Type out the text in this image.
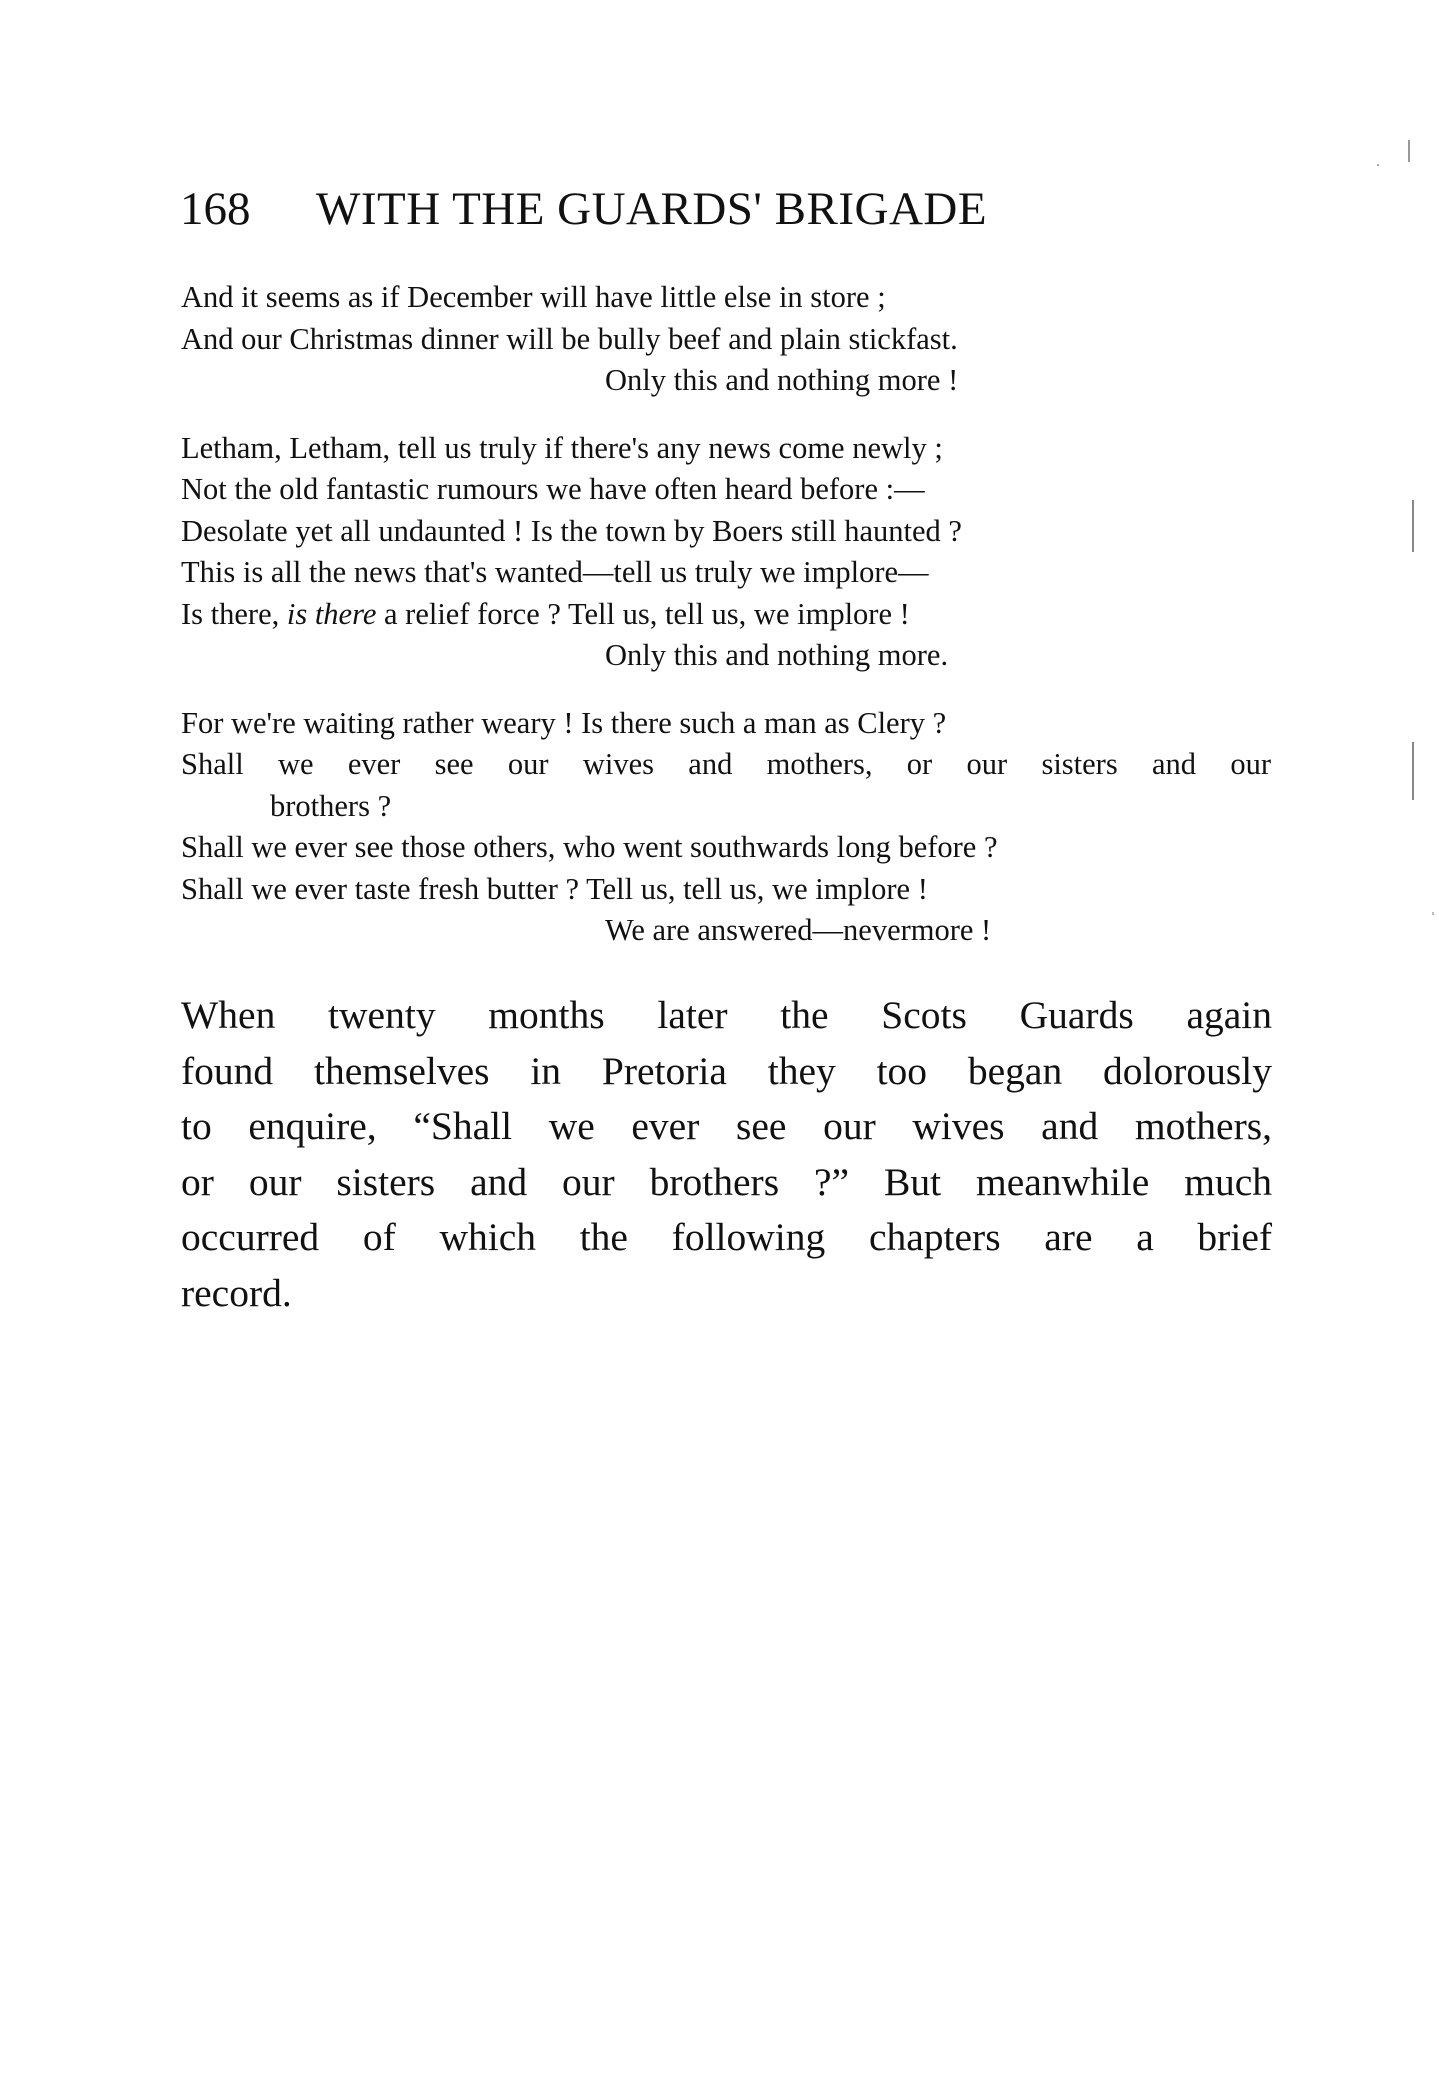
168 WITH THE GUARDS' BRIGADE
And it seems as if December will have little else in store ;
And our Christmas dinner will be bully beef and plain stickfast.
Only this and nothing more !
Letham, Letham, tell us truly if there's any news come newly ;
Not the old fantastic rumours we have often heard before :—
Desolate yet all undaunted ! Is the town by Boers still haunted ?
This is all the news that's wanted—tell us truly we implore—
Is there, is there a relief force ? Tell us, tell us, we implore !
Only this and nothing more.
For we're waiting rather weary ! Is there such a man as Clery ?
Shall we ever see our wives and mothers, or our sisters and our
brothers ?
Shall we ever see those others, who went southwards long before ?
Shall we ever taste fresh butter ? Tell us, tell us, we implore !
We are answered—nevermore !
When twenty months later the Scots Guards again
found themselves in Pretoria they too began dolorously
to enquire, “Shall we ever see our wives and mothers,
or our sisters and our brothers ?” But meanwhile much
occurred of which the following chapters are a brief
record.
